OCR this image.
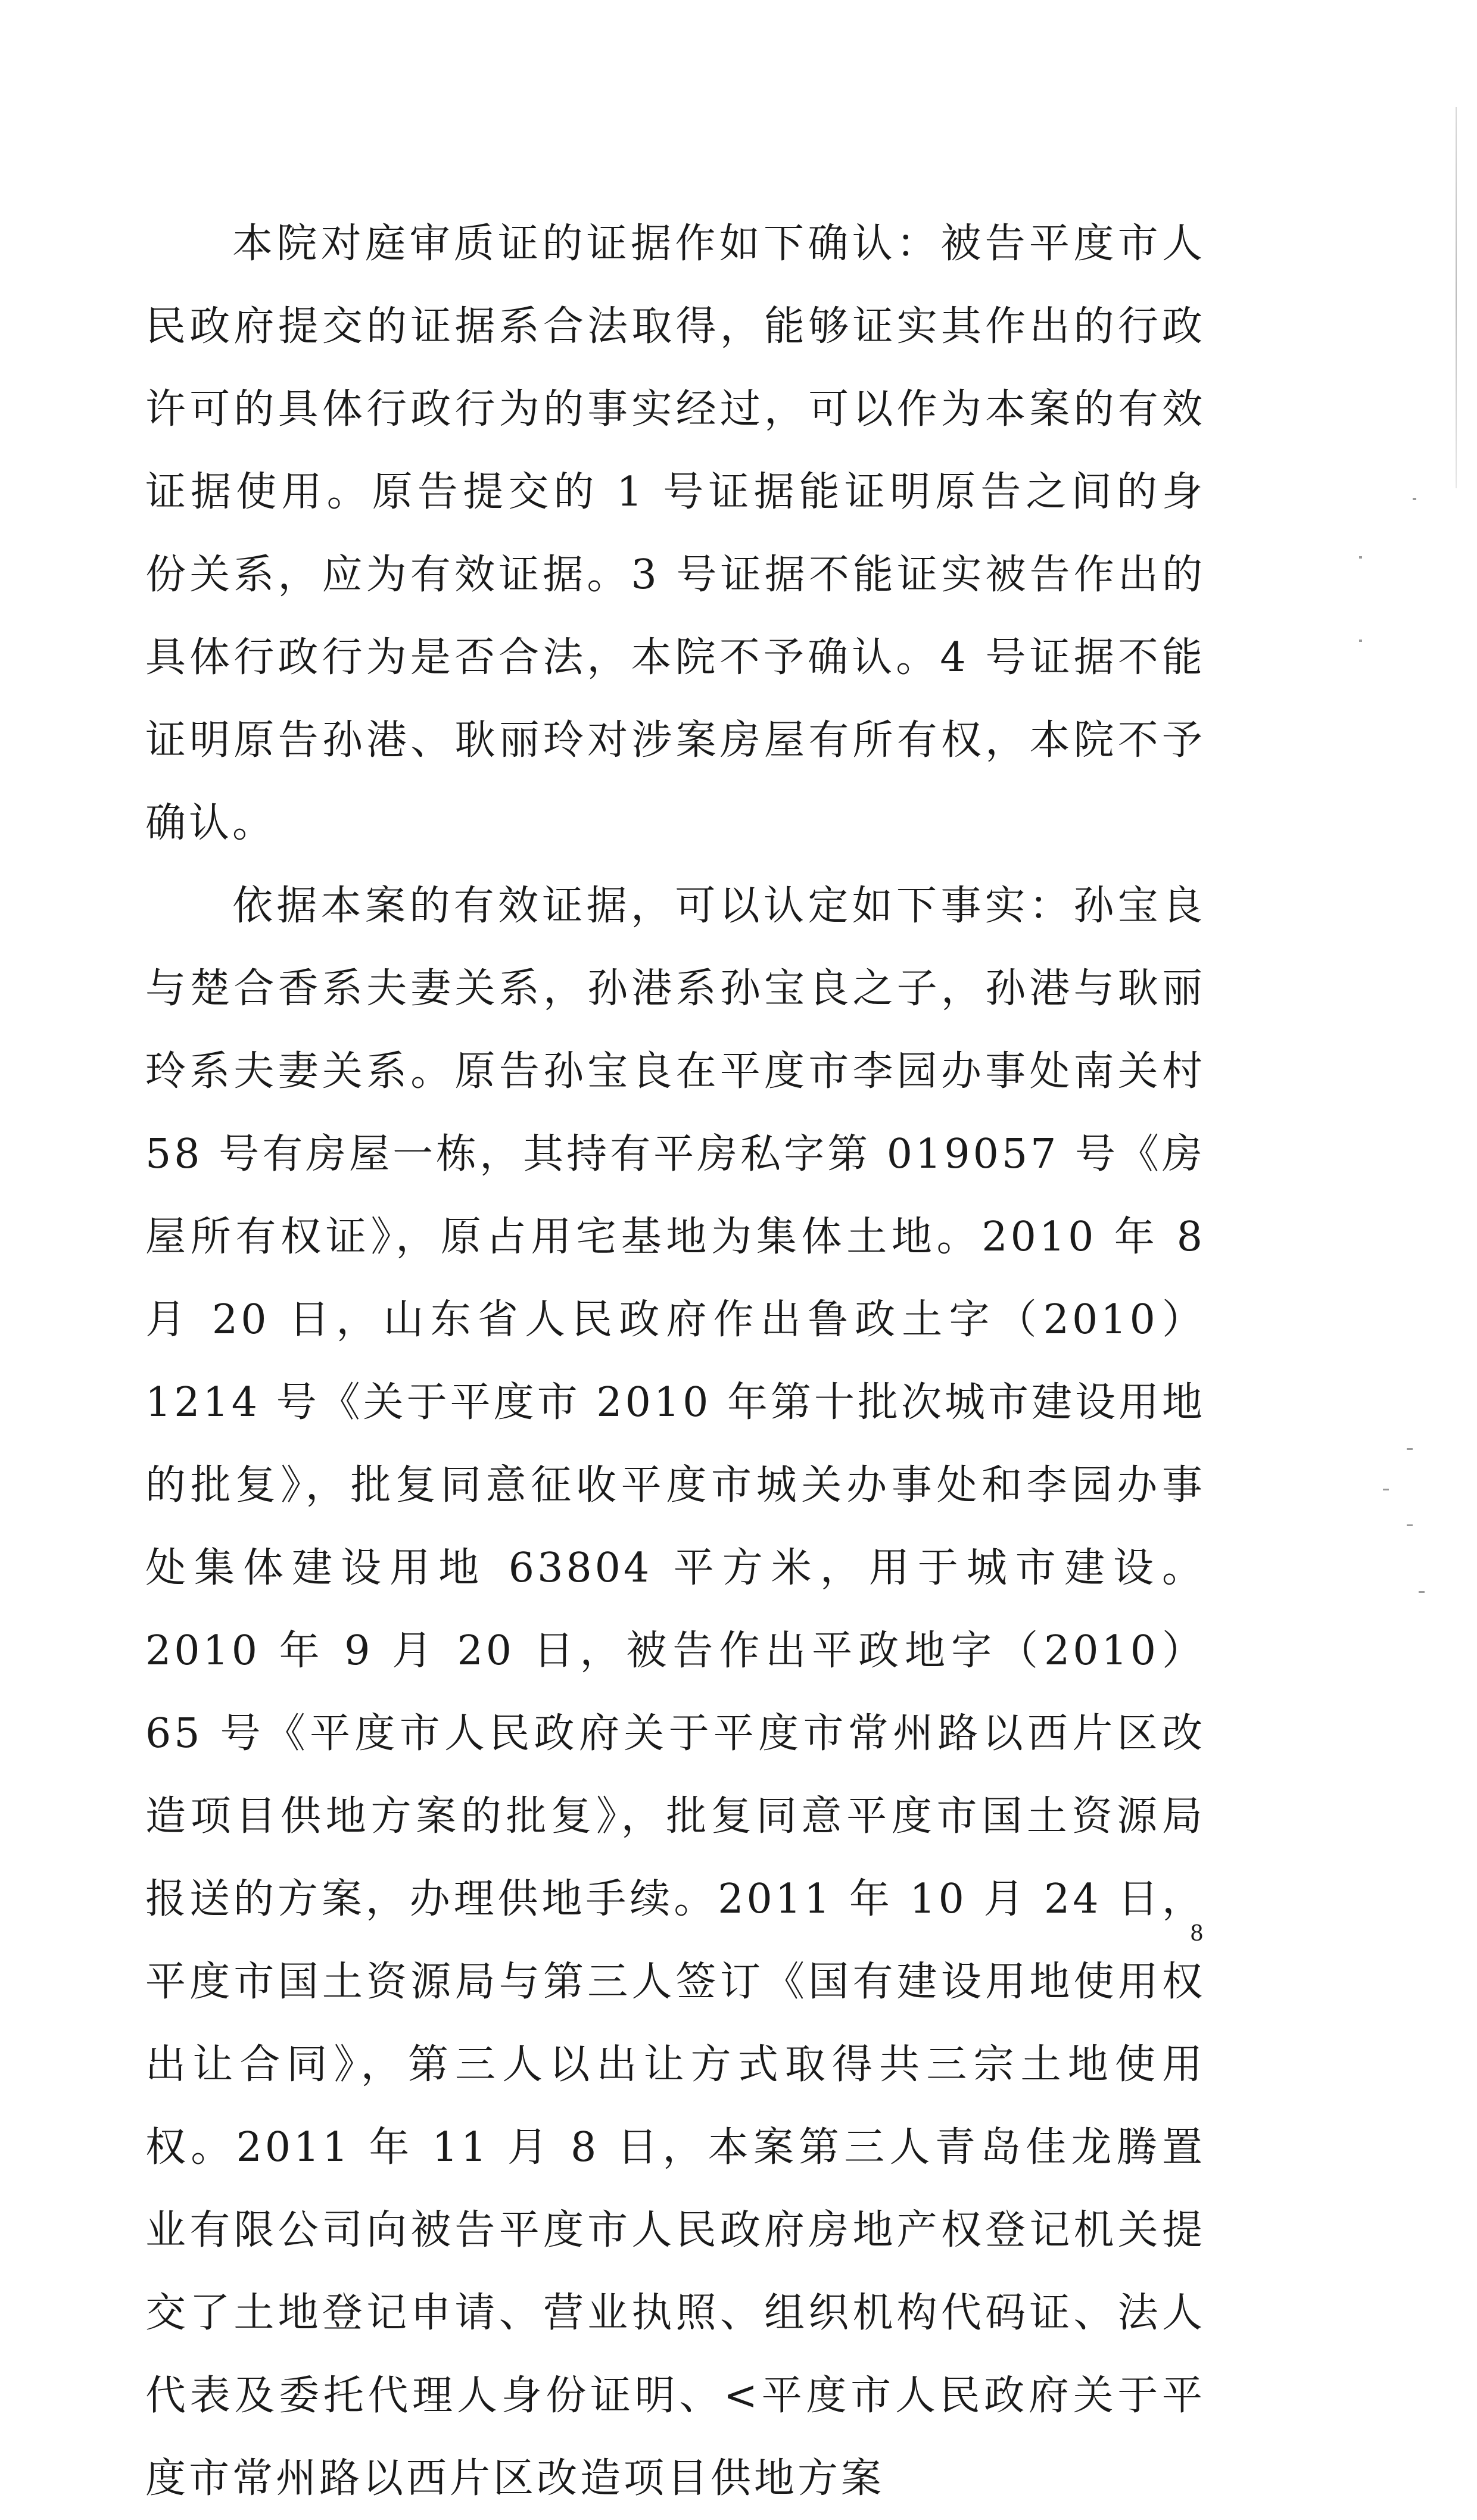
本院对庭审质证的证据作如下确认：被告平度市人民政府提交的证据系合法取得，能够证实其作出的行政许可的具体行政行为的事实经过，可以作为本案的有效证据使用。原告提交的 1 号证据能证明原告之间的身份关系，应为有效证据。3 号证据不能证实被告作出的具体行政行为是否合法，本院不予确认。4 号证据不能证明原告孙港、耿丽玲对涉案房屋有所有权，本院不予确认。

依据本案的有效证据，可以认定如下事实：孙宝良与楚合香系夫妻关系，孙港系孙宝良之子，孙港与耿丽玲系夫妻关系。原告孙宝良在平度市李园办事处南关村 58 号有房屋一栋，其持有平房私字第 019057 号《房屋所有权证》，原占用宅基地为集体土地。2010 年 8 月 20 日，山东省人民政府作出鲁政土字（2010）1214 号《关于平度市 2010 年第十批次城市建设用地的批复》，批复同意征收平度市城关办事处和李园办事处集体建设用地 63804 平方米，用于城市建设。2010 年 9 月 20 日，被告作出平政地字（2010）65 号《平度市人民政府关于平度市常州路以西片区改造项目供地方案的批复》，批复同意平度市国土资源局报送的方案，办理供地手续。2011 年 10 月 24 日，平度市国土资源局与第三人签订《国有建设用地使用权出让合同》，第三人以出让方式取得共三宗土地使用权。2011 年 11 月 8 日，本案第三人青岛佳龙腾置业有限公司向被告平度市人民政府房地产权登记机关提交了土地登记申请、营业执照、组织机构代码证、法人代表及委托代理人身份证明、<平度市人民政府关于平度市常州路以西片区改造项目供地方案

8
